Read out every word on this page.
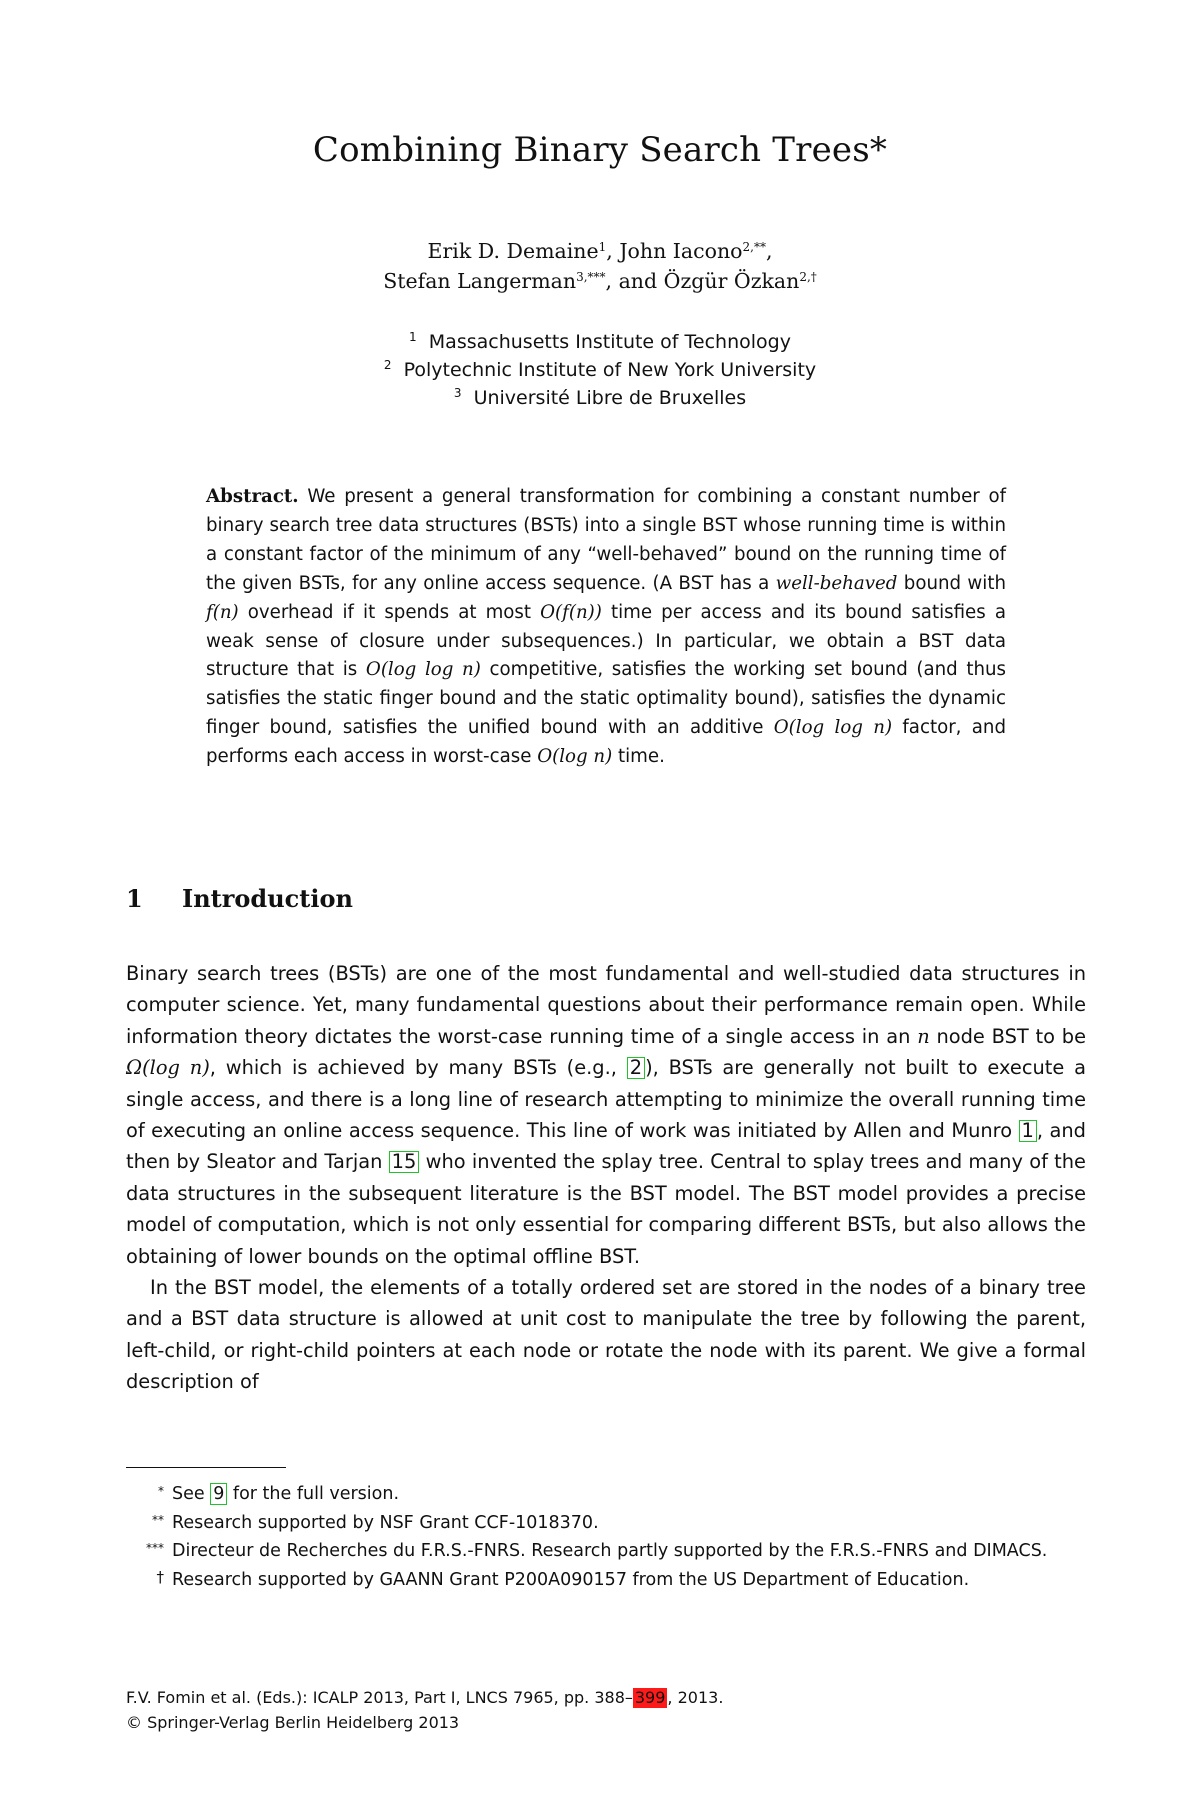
Combining Binary Search Trees*
Erik D. Demaine$^1$, John Iacono$^{2,**}$,
Stefan Langerman$^{3,***}$, and Özgür Özkan$^{2,\dagger}$
$^1$ Massachusetts Institute of Technology
$^2$ Polytechnic Institute of New York University
$^3$ Université Libre de Bruxelles

Abstract. We present a general transformation for combining a constant number of binary search tree data structures (BSTs) into a single BST whose running time is within a constant factor of the minimum of any “well-behaved” bound on the running time of the given BSTs, for any online access sequence. (A BST has a well-behaved bound with f(n) overhead if it spends at most O(f(n)) time per access and its bound satisfies a weak sense of closure under subsequences.) In particular, we obtain a BST data structure that is O(log log n) competitive, satisfies the working set bound (and thus satisfies the static finger bound and the static optimality bound), satisfies the dynamic finger bound, satisfies the unified bound with an additive O(log log n) factor, and performs each access in worst-case O(log n) time.

1 Introduction

Binary search trees (BSTs) are one of the most fundamental and well-studied data structures in computer science. Yet, many fundamental questions about their performance remain open. While information theory dictates the worst-case running time of a single access in an n node BST to be Ω(log n), which is achieved by many BSTs (e.g., 2 ), BSTs are generally not built to execute a single access, and there is a long line of research attempting to minimize the overall running time of executing an online access sequence. This line of work was initiated by Allen and Munro 1 , and then by Sleator and Tarjan 15 who invented the splay tree. Central to splay trees and many of the data structures in the subsequent literature is the BST model. The BST model provides a precise model of computation, which is not only essential for comparing different BSTs, but also allows the obtaining of lower bounds on the optimal offline BST.

In the BST model, the elements of a totally ordered set are stored in the nodes of a binary tree and a BST data structure is allowed at unit cost to manipulate the tree by following the parent, left-child, or right-child pointers at each node or rotate the node with its parent. We give a formal description of

* See 9 for the full version.
** Research supported by NSF Grant CCF-1018370.
*** Directeur de Recherches du F.R.S.-FNRS. Research partly supported by the F.R.S.-FNRS and DIMACS.
† Research supported by GAANN Grant P200A090157 from the US Department of Education.
F.V. Fomin et al. (Eds.): ICALP 2013, Part I, LNCS 7965, pp. 388– 399 , 2013.
© Springer-Verlag Berlin Heidelberg 2013
